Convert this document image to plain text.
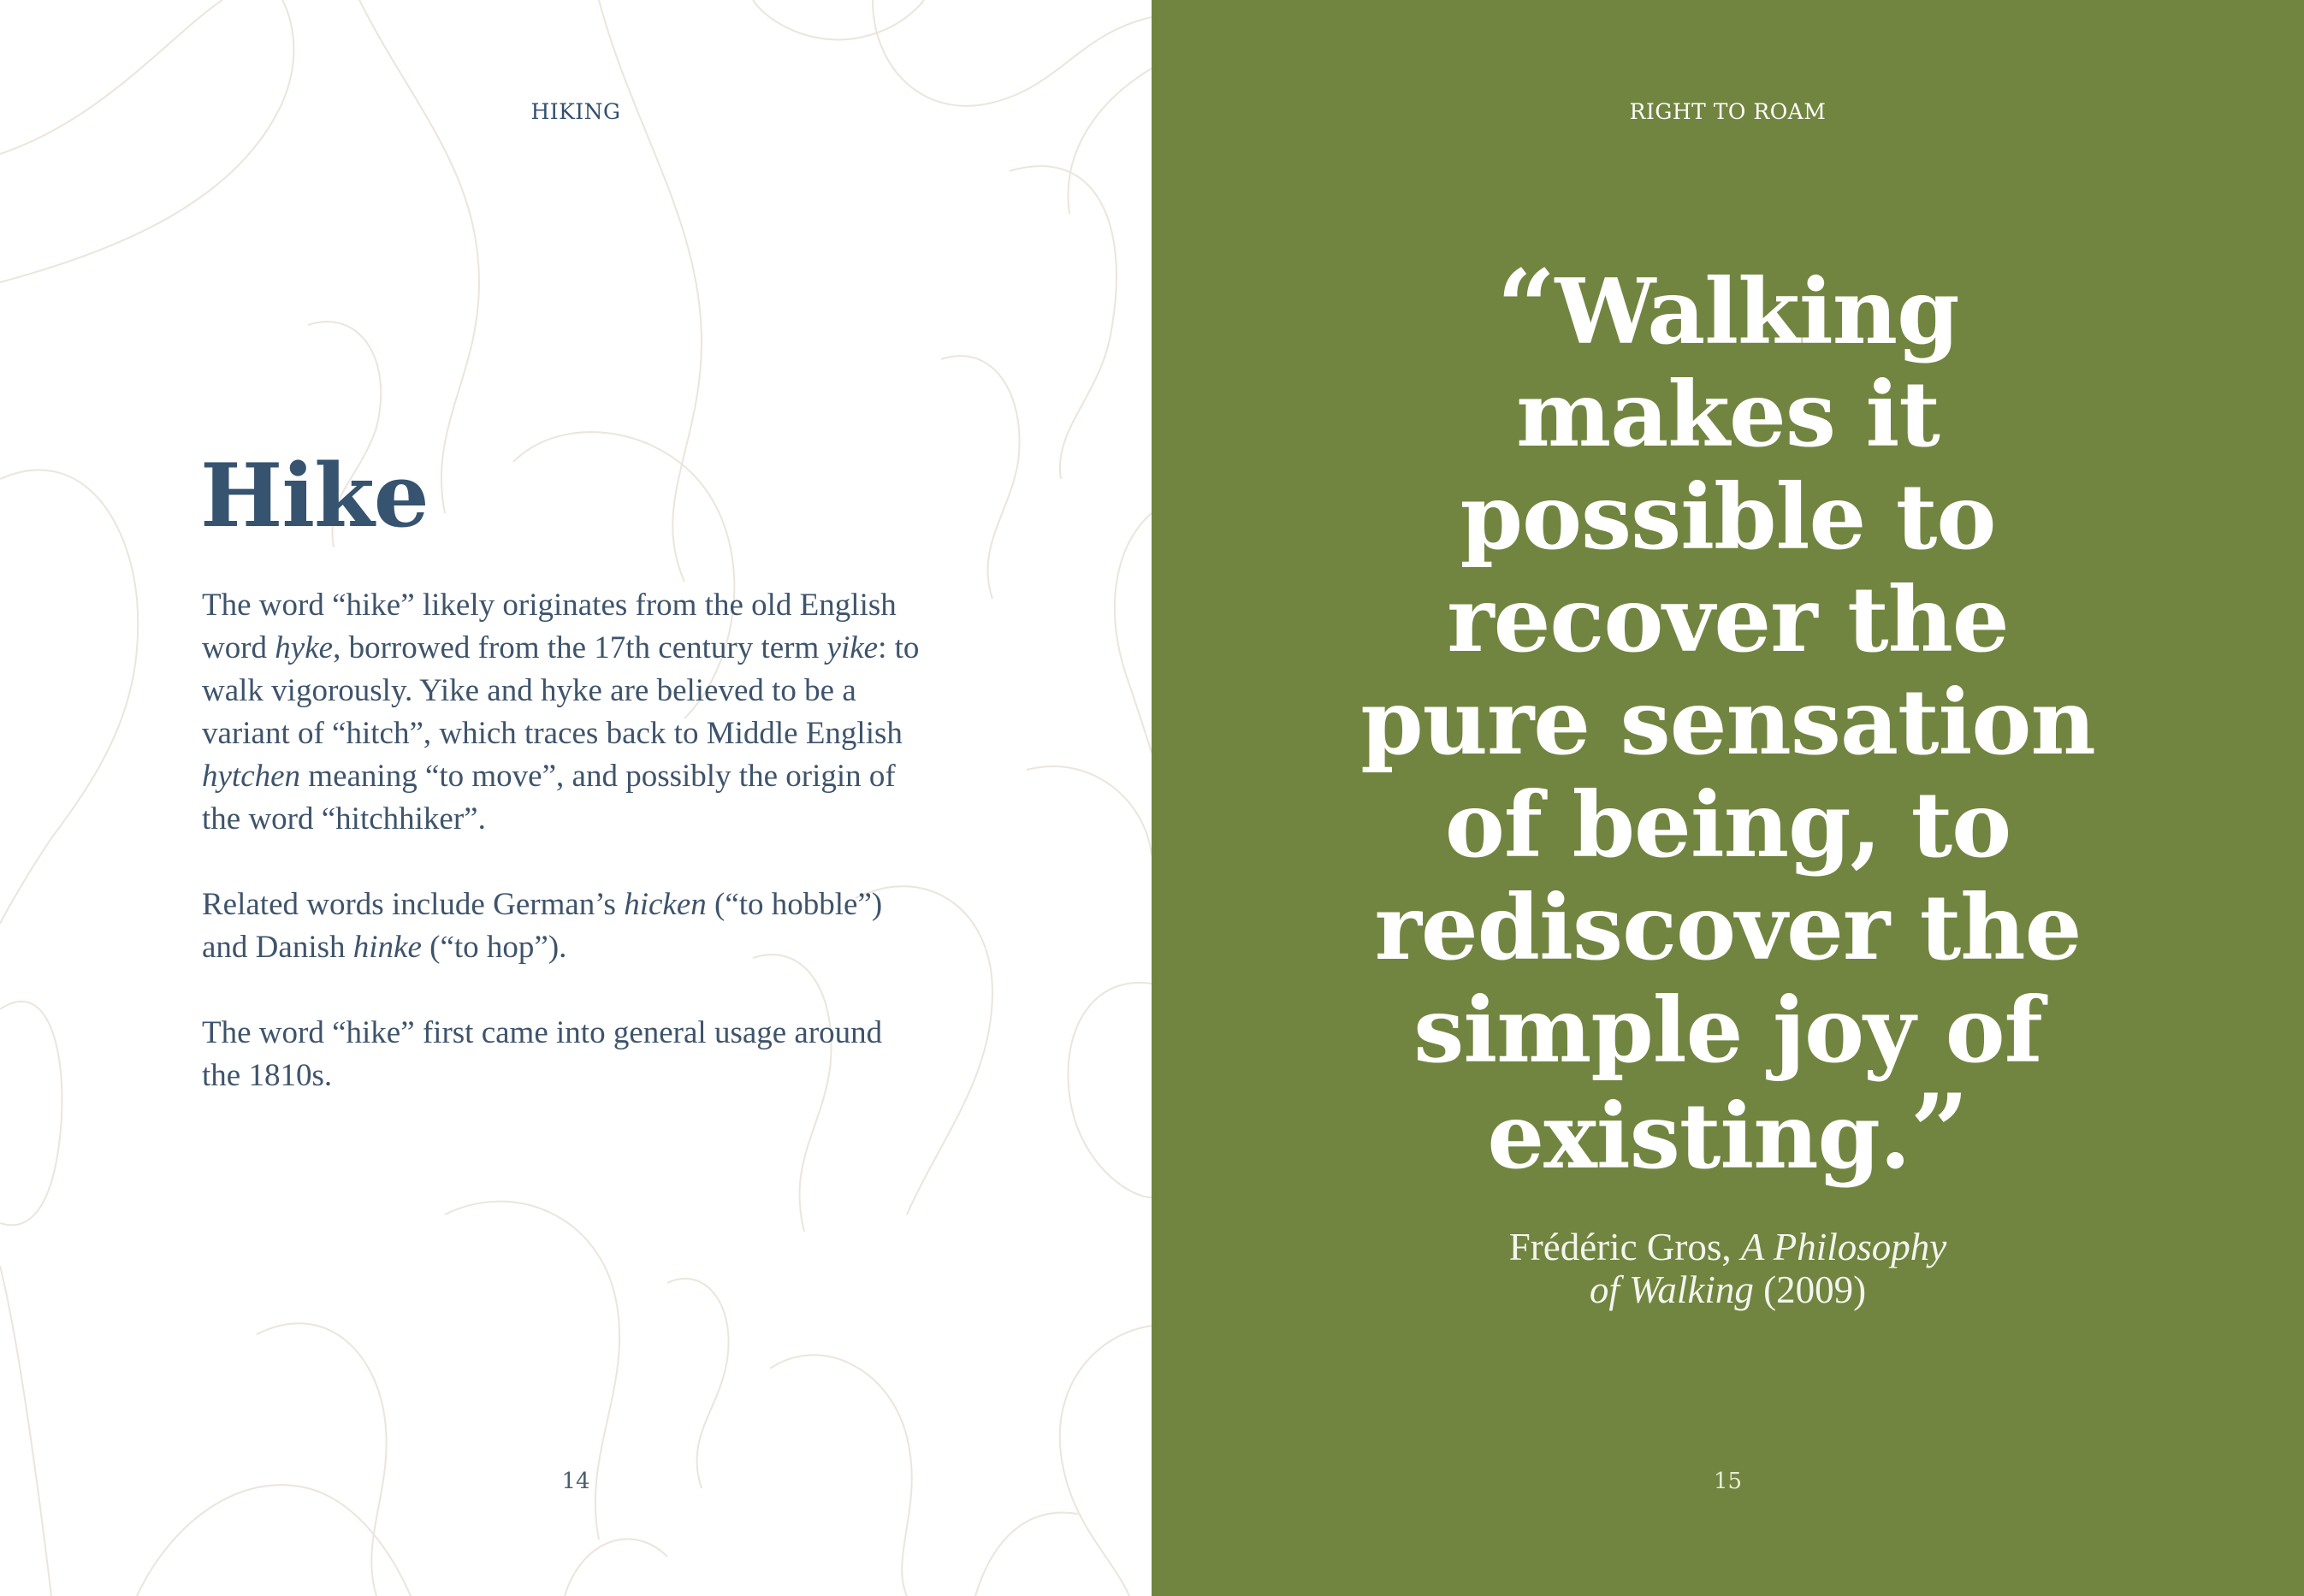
HIKING
Hike

The word “hike” likely originates from the old English word hyke, borrowed from the 17th century term yike: to walk vigorously. Yike and hyke are believed to be a variant of “hitch”, which traces back to Middle English hytchen meaning “to move”, and possibly the origin of the word “hitchhiker”.

Related words include German’s hicken (“to hobble”) and Danish hinke (“to hop”).

The word “hike” first came into general usage around the 1810s.

14
RIGHT TO ROAM
“Walking
makes it
possible to
recover the
pure sensation
of being, to
rediscover the
simple joy of
existing.”
Frédéric Gros, A Philosophy
of Walking (2009)
15
